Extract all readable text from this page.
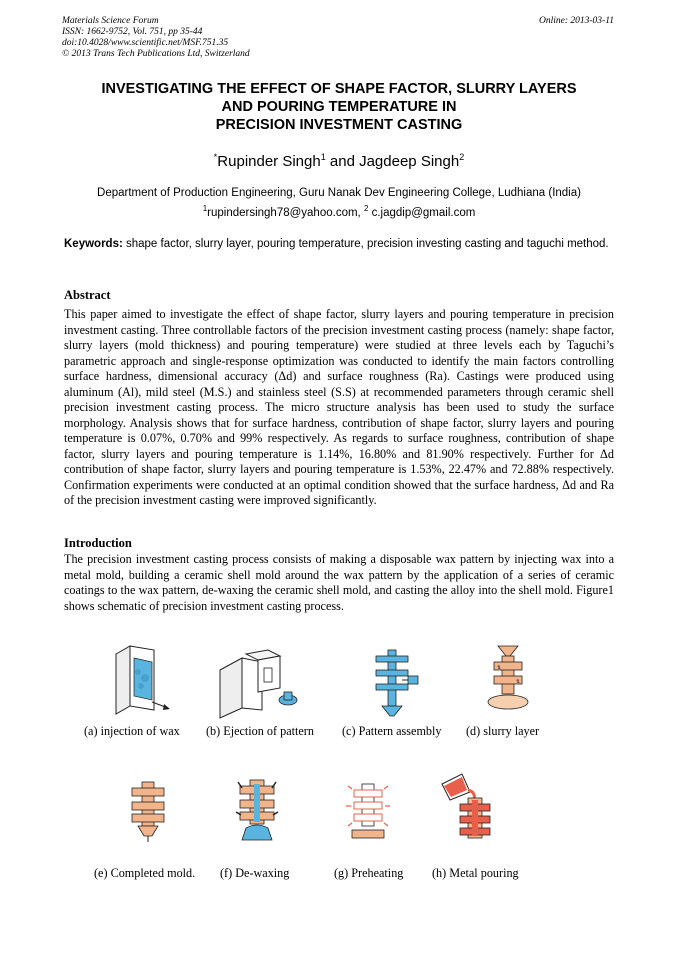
Materials Science Forum
ISSN: 1662-9752, Vol. 751, pp 35-44
doi:10.4028/www.scientific.net/MSF.751.35
© 2013 Trans Tech Publications Ltd, Switzerland
Online: 2013-03-11
INVESTIGATING THE EFFECT OF SHAPE FACTOR, SLURRY LAYERS
AND POURING TEMPERATURE IN
PRECISION INVESTMENT CASTING
*Rupinder Singh$^1$ and Jagdeep Singh$^2$
Department of Production Engineering, Guru Nanak Dev Engineering College, Ludhiana (India)
$^1$rupindersingh78@yahoo.com, $^2$ c.jagdip@gmail.com
Keywords: shape factor, slurry layer, pouring temperature, precision investing casting and taguchi method.
Abstract
This paper aimed to investigate the effect of shape factor, slurry layers and pouring temperature in precision investment casting. Three controllable factors of the precision investment casting process (namely: shape factor, slurry layers (mold thickness) and pouring temperature) were studied at three levels each by Taguchi’s parametric approach and single-response optimization was conducted to identify the main factors controlling surface hardness, dimensional accuracy (Δd) and surface roughness (Ra). Castings were produced using aluminum (Al), mild steel (M.S.) and stainless steel (S.S) at recommended parameters through ceramic shell precision investment casting process. The micro structure analysis has been used to study the surface morphology. Analysis shows that for surface hardness, contribution of shape factor, slurry layers and pouring temperature is 0.07%, 0.70% and 99% respectively. As regards to surface roughness, contribution of shape factor, slurry layers and pouring temperature is 1.14%, 16.80% and 81.90% respectively. Further for Δd contribution of shape factor, slurry layers and pouring temperature is 1.53%, 22.47% and 72.88% respectively. Confirmation experiments were conducted at an optimal condition showed that the surface hardness, Δd and Ra of the precision investment casting were improved significantly.
Introduction
The precision investment casting process consists of making a disposable wax pattern by injecting wax into a metal mold, building a ceramic shell mold around the wax pattern by the application of a series of ceramic coatings to the wax pattern, de-waxing the ceramic shell mold, and casting the alloy into the shell mold. Figure1 shows schematic of precision investment casting process.
⇅
⇅
(a) injection of wax (b) Ejection of pattern (c) Pattern assembly (d) slurry layer
(e) Completed mold. (f) De-waxing	(g) Preheating (h) Metal pouring
